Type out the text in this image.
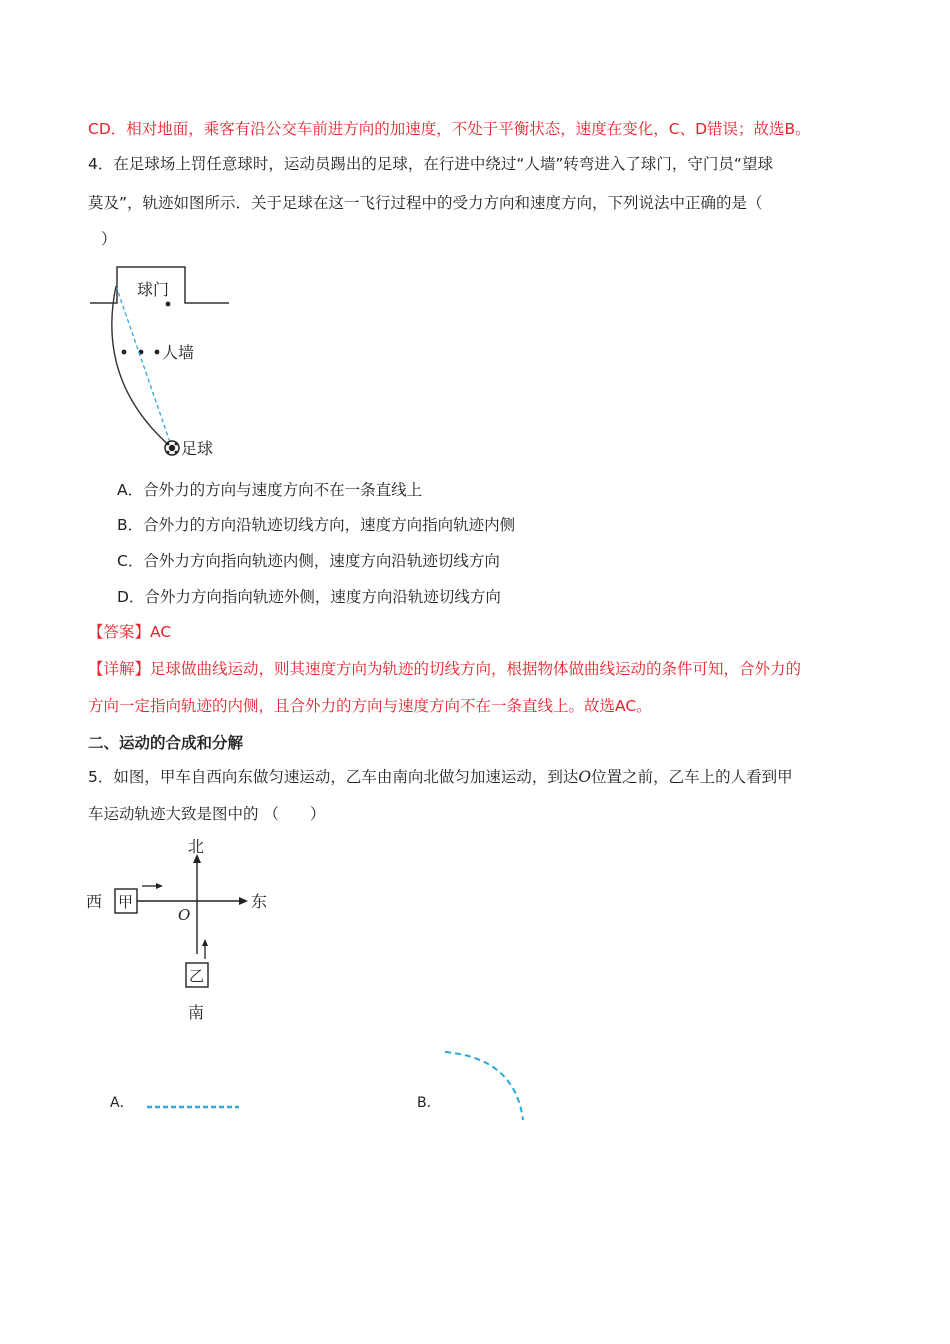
CD．相对地面，乘客有沿公交车前进方向的加速度，不处于平衡状态，速度在变化，C、D错误；故选B。
4．在足球场上罚任意球时，运动员踢出的足球，在行进中绕过“人墙”转弯进入了球门，守门员“望球
莫及”，轨迹如图所示．关于足球在这一飞行过程中的受力方向和速度方向，下列说法中正确的是（
）
球门
人墙
足球
A．合外力的方向与速度方向不在一条直线上
B．合外力的方向沿轨迹切线方向，速度方向指向轨迹内侧
C．合外力方向指向轨迹内侧，速度方向沿轨迹切线方向
D．合外力方向指向轨迹外侧，速度方向沿轨迹切线方向
【答案】AC
【详解】足球做曲线运动，则其速度方向为轨迹的切线方向，根据物体做曲线运动的条件可知，合外力的
方向一定指向轨迹的内侧，且合外力的方向与速度方向不在一条直线上。故选AC。
二、运动的合成和分解
5．如图，甲车自西向东做匀速运动，乙车由南向北做匀加速运动，到达O位置之前，乙车上的人看到甲
车运动轨迹大致是图中的 （　　）
北
东
西
O
甲
乙
南
A．	B．
